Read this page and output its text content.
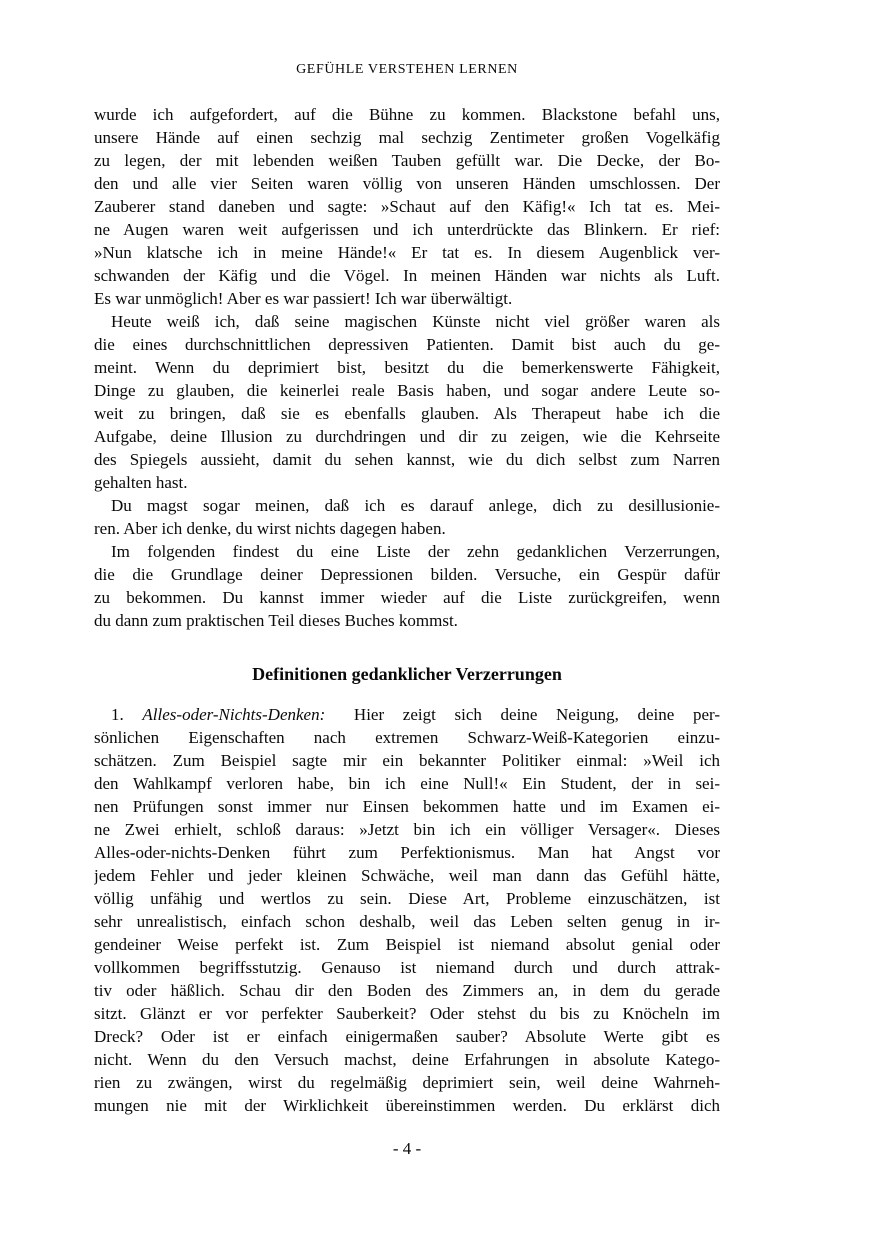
GEFÜHLE VERSTEHEN LERNEN
wurde ich aufgefordert, auf die Bühne zu kommen. Blackstone befahl uns,
unsere Hände auf einen sechzig mal sechzig Zentimeter großen Vogelkäfig
zu legen, der mit lebenden weißen Tauben gefüllt war. Die Decke, der Bo-
den und alle vier Seiten waren völlig von unseren Händen umschlossen. Der
Zauberer stand daneben und sagte: »Schaut auf den Käfig!« Ich tat es. Mei-
ne Augen waren weit aufgerissen und ich unterdrückte das Blinkern. Er rief:
»Nun klatsche ich in meine Hände!« Er tat es. In diesem Augenblick ver-
schwanden der Käfig und die Vögel. In meinen Händen war nichts als Luft.
Es war unmöglich! Aber es war passiert! Ich war überwältigt.
Heute weiß ich, daß seine magischen Künste nicht viel größer waren als
die eines durchschnittlichen depressiven Patienten. Damit bist auch du ge-
meint. Wenn du deprimiert bist, besitzt du die bemerkenswerte Fähigkeit,
Dinge zu glauben, die keinerlei reale Basis haben, und sogar andere Leute so-
weit zu bringen, daß sie es ebenfalls glauben. Als Therapeut habe ich die
Aufgabe, deine Illusion zu durchdringen und dir zu zeigen, wie die Kehrseite
des Spiegels aussieht, damit du sehen kannst, wie du dich selbst zum Narren
gehalten hast.
Du magst sogar meinen, daß ich es darauf anlege, dich zu desillusionie-
ren. Aber ich denke, du wirst nichts dagegen haben.
Im folgenden findest du eine Liste der zehn gedanklichen Verzerrungen,
die die Grundlage deiner Depressionen bilden. Versuche, ein Gespür dafür
zu bekommen. Du kannst immer wieder auf die Liste zurückgreifen, wenn
du dann zum praktischen Teil dieses Buches kommst.
Definitionen gedanklicher Verzerrungen
1. Alles-oder-Nichts-Denken: Hier zeigt sich deine Neigung, deine per-
sönlichen Eigenschaften nach extremen Schwarz-Weiß-Kategorien einzu-
schätzen. Zum Beispiel sagte mir ein bekannter Politiker einmal: »Weil ich
den Wahlkampf verloren habe, bin ich eine Null!« Ein Student, der in sei-
nen Prüfungen sonst immer nur Einsen bekommen hatte und im Examen ei-
ne Zwei erhielt, schloß daraus: »Jetzt bin ich ein völliger Versager«. Dieses
Alles-oder-nichts-Denken führt zum Perfektionismus. Man hat Angst vor
jedem Fehler und jeder kleinen Schwäche, weil man dann das Gefühl hätte,
völlig unfähig und wertlos zu sein. Diese Art, Probleme einzuschätzen, ist
sehr unrealistisch, einfach schon deshalb, weil das Leben selten genug in ir-
gendeiner Weise perfekt ist. Zum Beispiel ist niemand absolut genial oder
vollkommen begriffsstutzig. Genauso ist niemand durch und durch attrak-
tiv oder häßlich. Schau dir den Boden des Zimmers an, in dem du gerade
sitzt. Glänzt er vor perfekter Sauberkeit? Oder stehst du bis zu Knöcheln im
Dreck? Oder ist er einfach einigermaßen sauber? Absolute Werte gibt es
nicht. Wenn du den Versuch machst, deine Erfahrungen in absolute Katego-
rien zu zwängen, wirst du regelmäßig deprimiert sein, weil deine Wahrneh-
mungen nie mit der Wirklichkeit übereinstimmen werden. Du erklärst dich
- 4 -
